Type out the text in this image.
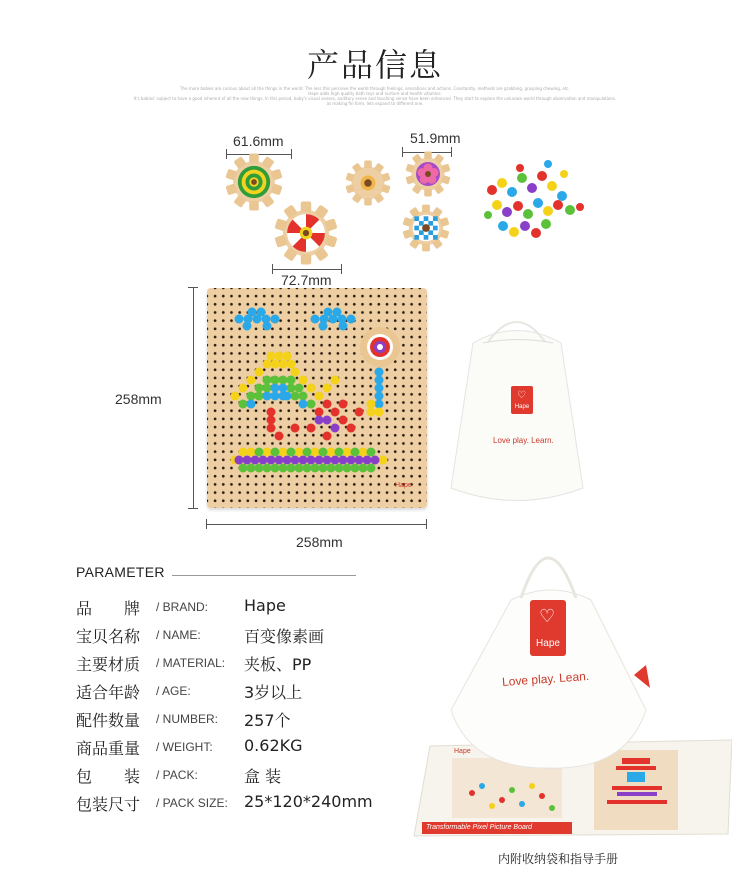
产品信息
The more babies are curious about all the things in the world. The less this perceive the world through feelings, sensations and actions. Constantly, methods are grabbing, grasping chewing, etc.
Hape adds high quality bath toys and nurture and health vitamins.
It's babies' subject to have a good inherent of all the new things. In this period, baby's visual senses, auditory sense and touching sense have been enhanced. They start to explore the unknown world through observation and manipulations.
as making fin form, lets expand to different one.
61.6mm	51.9mm
72.7mm
258mm
258mm
Hape
Hape
♡
Love play. Learn.
PARAMETER
品　　牌 / BRAND: Hape
宝贝名称 / NAME:	百变像素画
主要材质 / MATERIAL: 夹板、PP
适合年龄 / AGE:	3岁以上
配件数量 / NUMBER: 257个
商品重量 / WEIGHT: 0.62KG
包　　装 / PACK:	盒 装
包装尺寸 / PACK SIZE: 25*120*240mm
Transformable Pixel Picture Board
Hape
♡
Hape
Love play. Lean.
内附收纳袋和指导手册
